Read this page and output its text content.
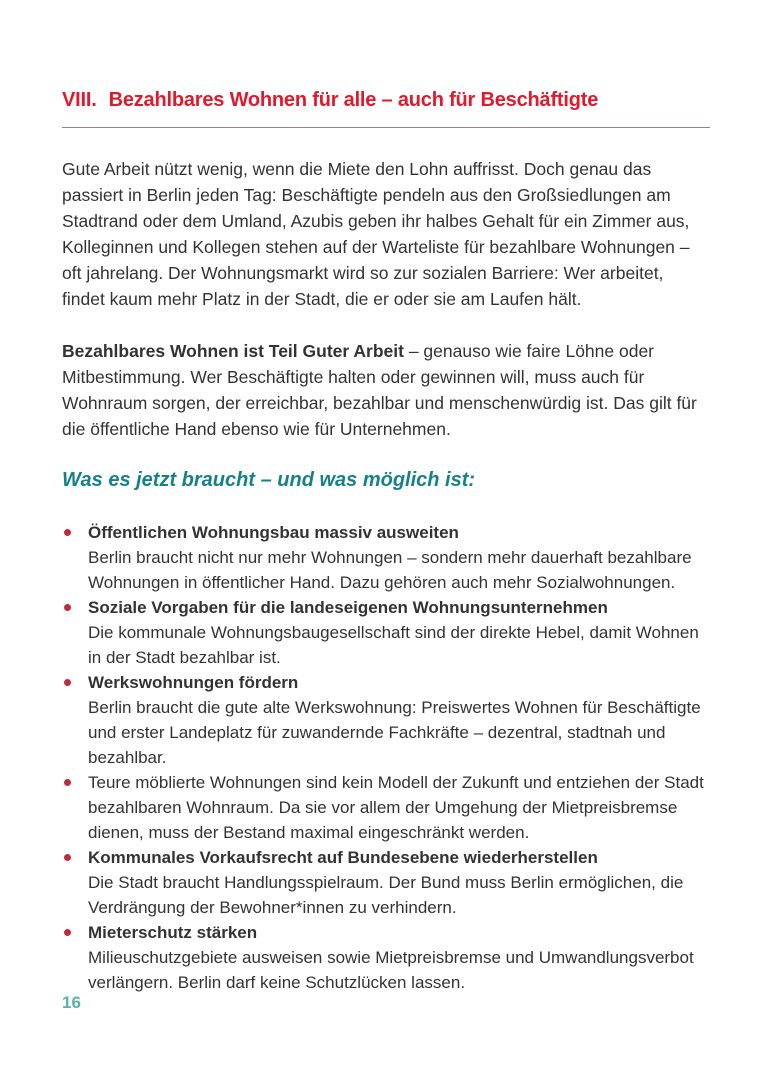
VIII. Bezahlbares Wohnen für alle – auch für Beschäftigte

Gute Arbeit nützt wenig, wenn die Miete den Lohn auffrisst. Doch genau das passiert in Berlin jeden Tag: Beschäftigte pendeln aus den Großsiedlungen am Stadtrand oder dem Umland, Azubis geben ihr halbes Gehalt für ein Zimmer aus, Kolleginnen und Kollegen stehen auf der Warteliste für bezahlbare Wohnungen – oft jahrelang. Der Wohnungsmarkt wird so zur sozialen Barriere: Wer arbeitet, findet kaum mehr Platz in der Stadt, die er oder sie am Laufen hält.

Bezahlbares Wohnen ist Teil Guter Arbeit – genauso wie faire Löhne oder Mitbestimmung. Wer Beschäftigte halten oder gewinnen will, muss auch für Wohnraum sorgen, der erreichbar, bezahlbar und menschenwürdig ist. Das gilt für die öffentliche Hand ebenso wie für Unternehmen.

Was es jetzt braucht – und was möglich ist:
Öffentlichen Wohnungsbau massiv ausweiten
Berlin braucht nicht nur mehr Wohnungen – sondern mehr dauerhaft bezahlbare Wohnungen in öffentlicher Hand. Dazu gehören auch mehr Sozialwohnungen.
Soziale Vorgaben für die landeseigenen Wohnungsunternehmen
Die kommunale Wohnungsbaugesellschaft sind der direkte Hebel, damit Wohnen in der Stadt bezahlbar ist.
Werkswohnungen fördern
Berlin braucht die gute alte Werkswohnung: Preiswertes Wohnen für Beschäftigte und erster Landeplatz für zuwandernde Fachkräfte – dezentral, stadtnah und bezahlbar.
Teure möblierte Wohnungen sind kein Modell der Zukunft und entziehen der Stadt bezahlbaren Wohnraum. Da sie vor allem der Umgehung der Mietpreisbremse dienen, muss der Bestand maximal eingeschränkt werden.
Kommunales Vorkaufsrecht auf Bundesebene wiederherstellen
Die Stadt braucht Handlungsspielraum. Der Bund muss Berlin ermöglichen, die Verdrängung der Bewohner*innen zu verhindern.
Mieterschutz stärken
Milieuschutzgebiete ausweisen sowie Mietpreisbremse und Umwandlungsverbot verlängern. Berlin darf keine Schutzlücken lassen.
16
